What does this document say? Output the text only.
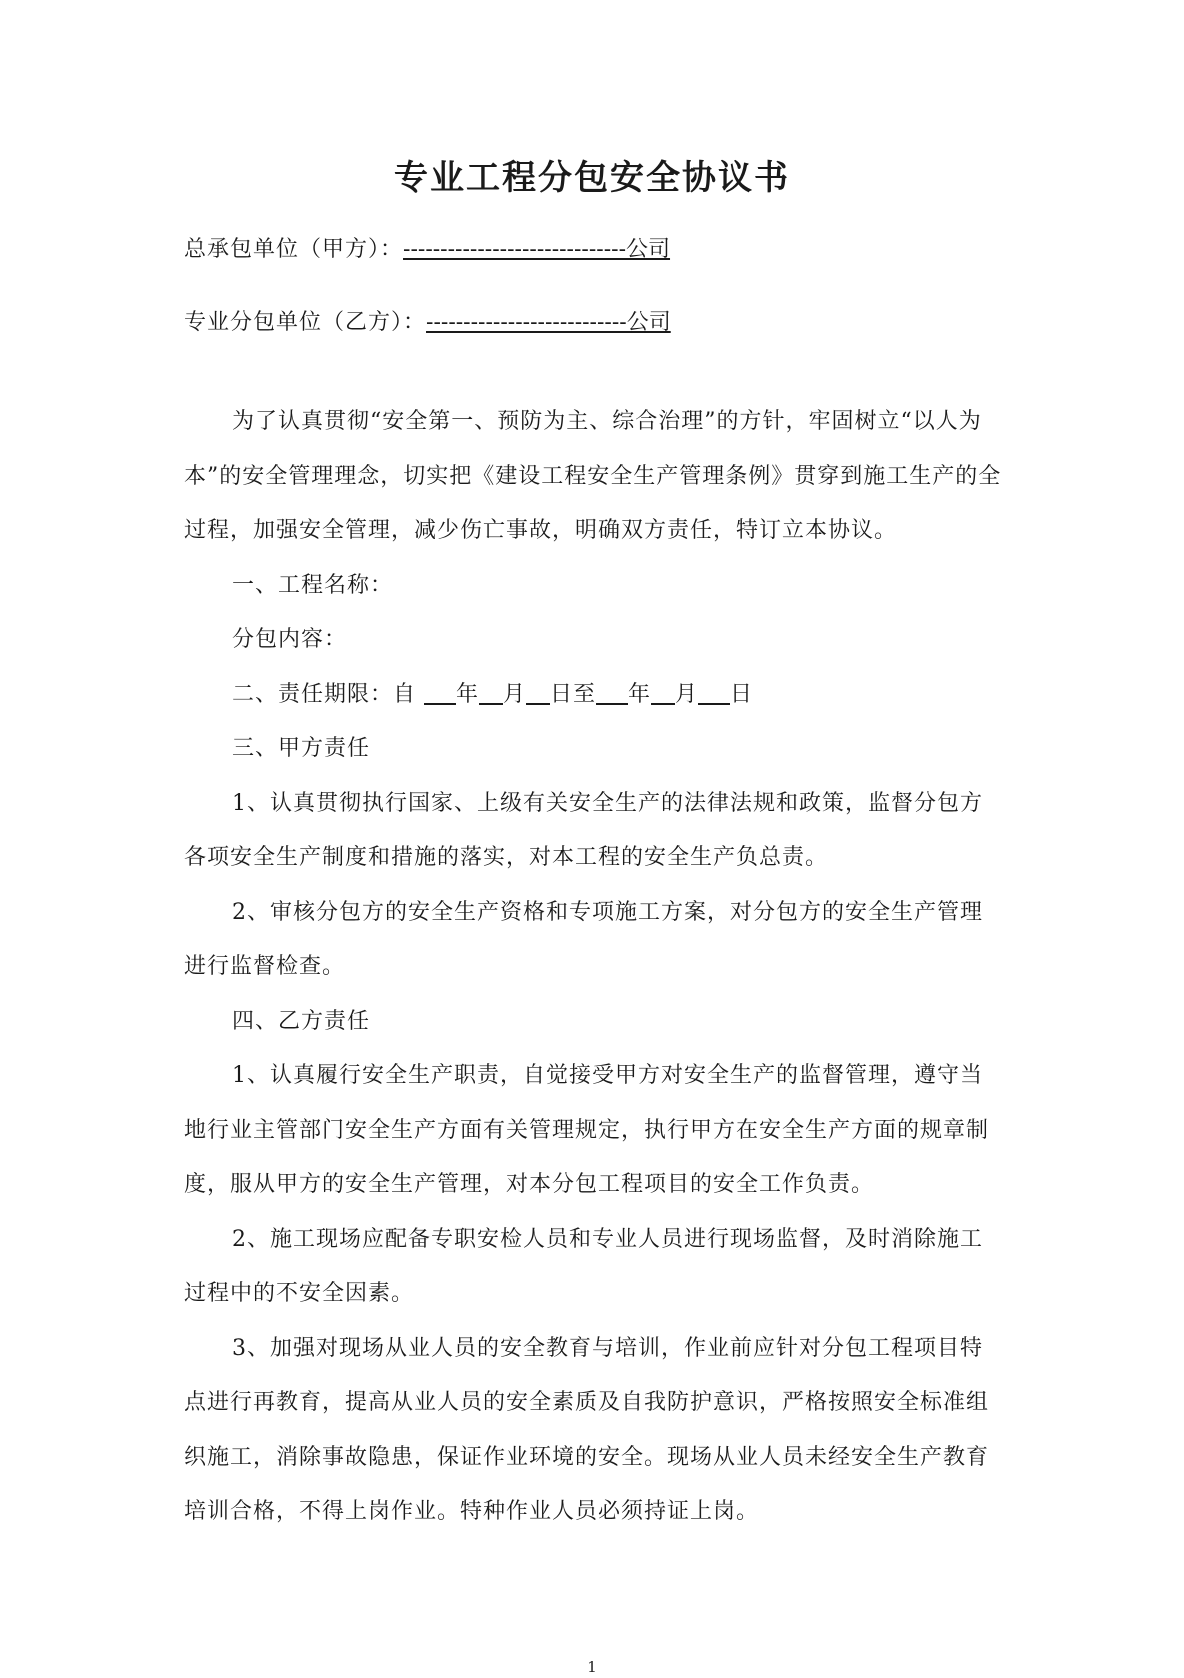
专业工程分包安全协议书
总承包单位（甲方）：------------------------------公司
专业分包单位（乙方）：---------------------------公司

为了认真贯彻“安全第一、预防为主、综合治理”的方针，牢固树立“以人为本”的安全管理理念，切实把《建设工程安全生产管理条例》贯穿到施工生产的全过程，加强安全管理，减少伤亡事故，明确双方责任，特订立本协议。

一、工程名称：

分包内容：

二、责任期限：自 年 月 日至 年 月 日

三、甲方责任

1、认真贯彻执行国家、上级有关安全生产的法律法规和政策，监督分包方各项安全生产制度和措施的落实，对本工程的安全生产负总责。

2、审核分包方的安全生产资格和专项施工方案，对分包方的安全生产管理进行监督检查。

四、乙方责任

1、认真履行安全生产职责，自觉接受甲方对安全生产的监督管理，遵守当地行业主管部门安全生产方面有关管理规定，执行甲方在安全生产方面的规章制度，服从甲方的安全生产管理，对本分包工程项目的安全工作负责。

2、施工现场应配备专职安检人员和专业人员进行现场监督，及时消除施工过程中的不安全因素。

3、加强对现场从业人员的安全教育与培训，作业前应针对分包工程项目特点进行再教育，提高从业人员的安全素质及自我防护意识，严格按照安全标准组织施工，消除事故隐患，保证作业环境的安全。现场从业人员未经安全生产教育培训合格，不得上岗作业。特种作业人员必须持证上岗。

1
